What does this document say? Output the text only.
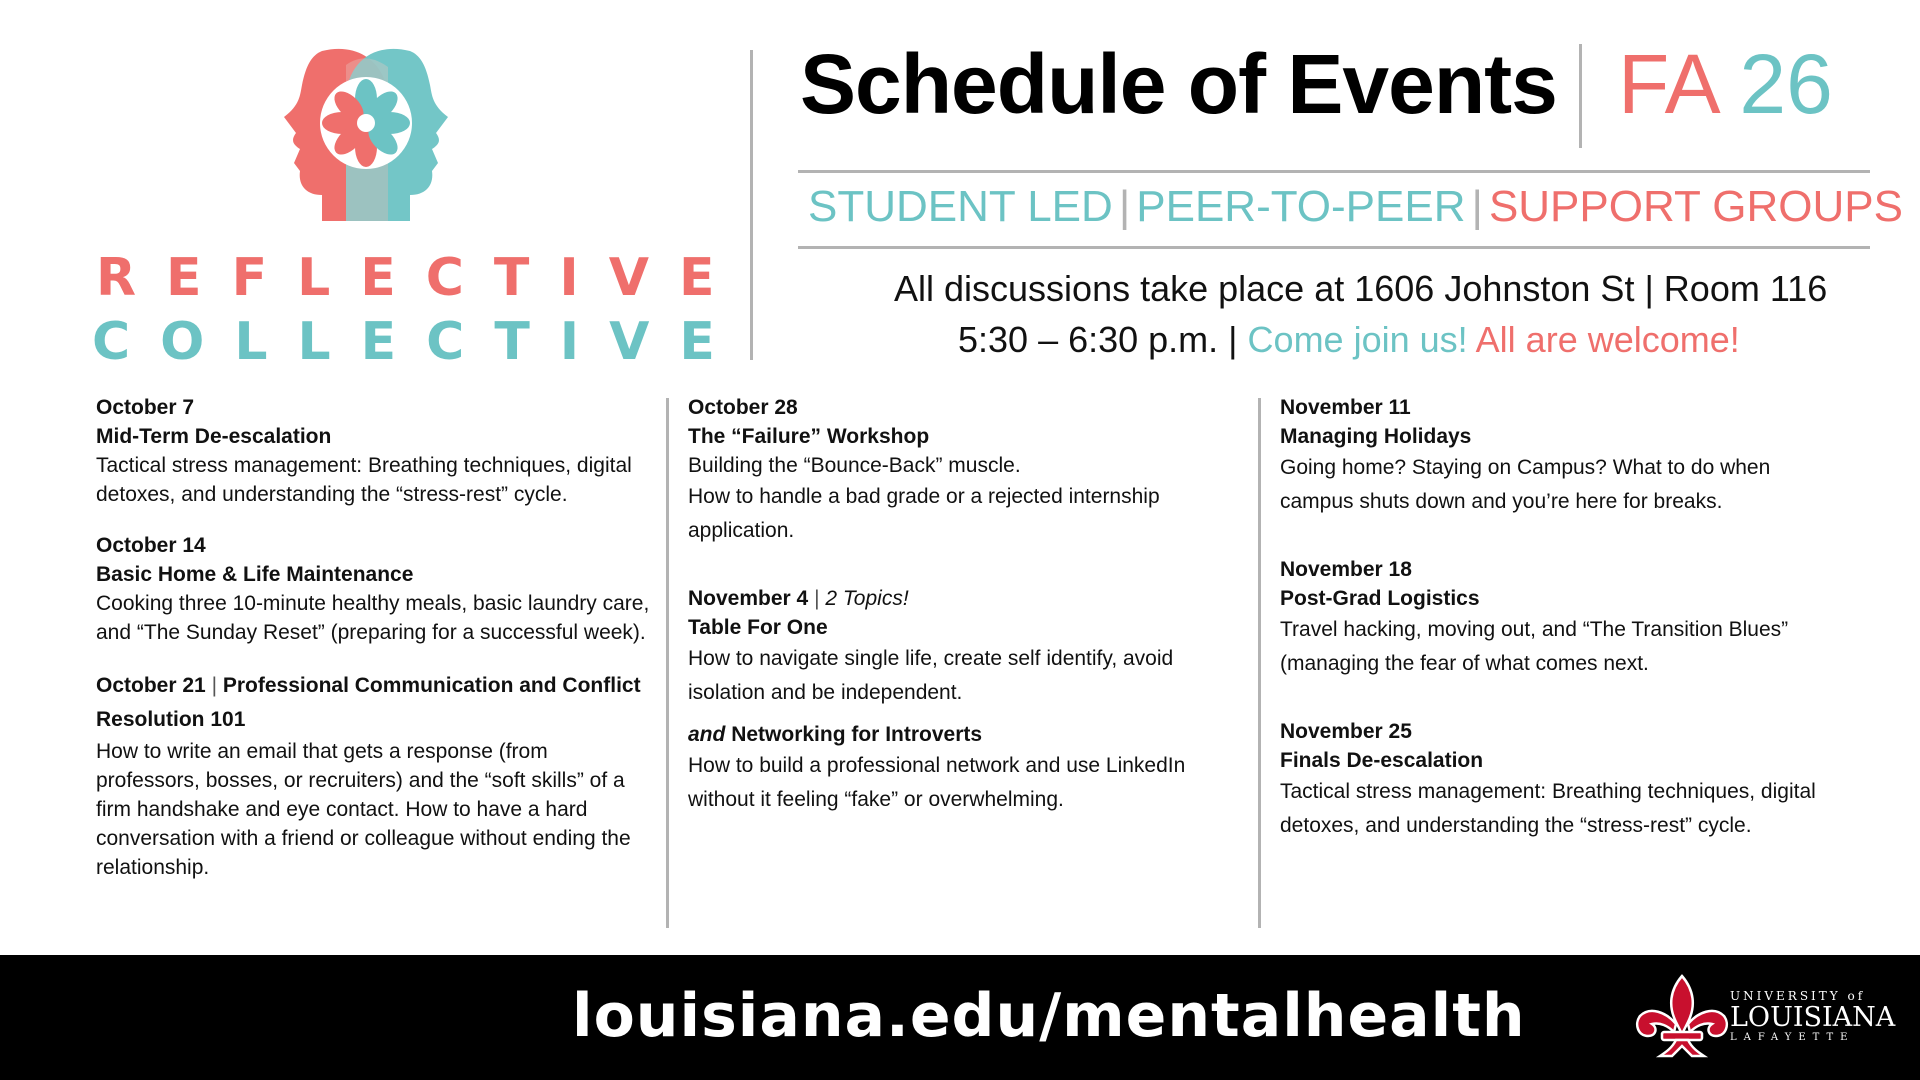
REFLECTIVE
COLLECTIVE
Schedule of Events FA 26
STUDENT LED | PEER-TO-PEER | SUPPORT GROUPS
All discussions take place at 1606 Johnston St | Room 116
5:30 – 6:30 p.m. | Come join us! All are welcome!
October 7
Mid-Term De-escalation
Tactical stress management: Breathing techniques, digital detoxes, and understanding the “stress-rest” cycle.
October 14
Basic Home & Life Maintenance
Cooking three 10-minute healthy meals, basic laundry care, and “The Sunday Reset” (preparing for a successful week).
October 21 | Professional Communication and Conflict Resolution 101
How to write an email that gets a response (from professors, bosses, or recruiters) and the “soft skills” of a firm handshake and eye contact. How to have a hard conversation with a friend or colleague without ending the relationship.
October 28
The “Failure” Workshop
Building the “Bounce-Back” muscle.
How to handle a bad grade or a rejected internship application.
November 4 | 2 Topics!
Table For One
How to navigate single life, create self identify, avoid isolation and be independent.
and Networking for Introverts
How to build a professional network and use LinkedIn without it feeling “fake” or overwhelming.
November 11
Managing Holidays
Going home? Staying on Campus? What to do when campus shuts down and you’re here for breaks.
November 18
Post-Grad Logistics
Travel hacking, moving out, and “The Transition Blues” (managing the fear of what comes next.
November 25
Finals De-escalation
Tactical stress management: Breathing techniques, digital detoxes, and understanding the “stress-rest” cycle.
louisiana.edu/mentalhealth	UNIVERSITY of
LOUISIANA
LAFAYETTE
